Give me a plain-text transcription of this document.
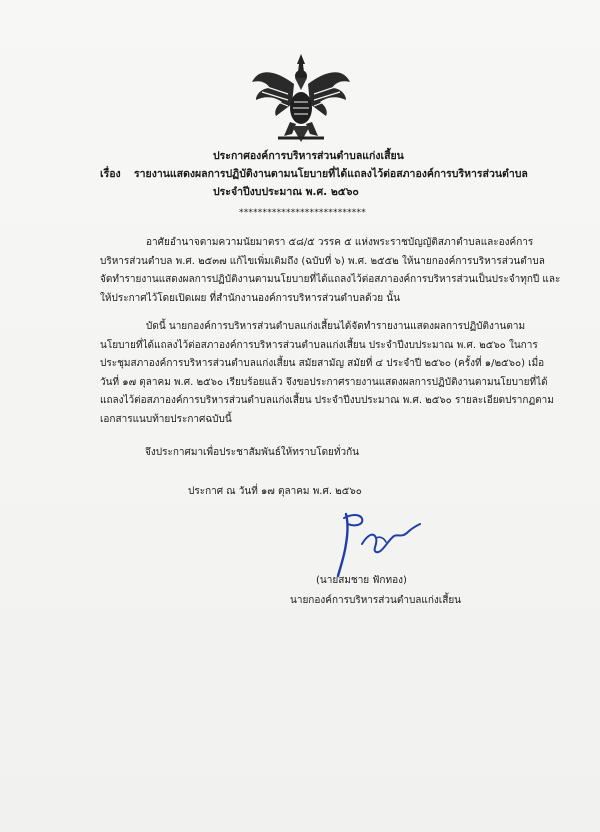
ประกาศองค์การบริหารส่วนตำบลแก่งเสี้ยน
เรื่อง รายงานแสดงผลการปฏิบัติงานตามนโยบายที่ได้แถลงไว้ต่อสภาองค์การบริหารส่วนตำบล
ประจำปีงบประมาณ พ.ศ. ๒๕๖๐
***************************
อาศัยอำนาจตามความนัยมาตรา ๕๘/๕ วรรค ๕ แห่งพระราชบัญญัติสภาตำบลและองค์การ
บริหารส่วนตำบล พ.ศ. ๒๕๓๗ แก้ไขเพิ่มเติมถึง (ฉบับที่ ๖) พ.ศ. ๒๕๕๒ ให้นายกองค์การบริหารส่วนตำบล
จัดทำรายงานแสดงผลการปฏิบัติงานตามนโยบายที่ได้แถลงไว้ต่อสภาองค์การบริหารส่วนเป็นประจำทุกปี และ
ให้ประกาศไว้โดยเปิดเผย ที่สำนักงานองค์การบริหารส่วนตำบลด้วย นั้น
บัดนี้ นายกองค์การบริหารส่วนตำบลแก่งเสี้ยนได้จัดทำรายงานแสดงผลการปฏิบัติงานตาม
นโยบายที่ได้แถลงไว้ต่อสภาองค์การบริหารส่วนตำบลแก่งเสี้ยน ประจำปีงบประมาณ พ.ศ. ๒๕๖๐ ในการ
ประชุมสภาองค์การบริหารส่วนตำบลแก่งเสี้ยน สมัยสามัญ สมัยที่ ๔ ประจำปี ๒๕๖๐ (ครั้งที่ ๑/๒๕๖๐) เมื่อ
วันที่ ๑๗ ตุลาคม พ.ศ. ๒๕๖๐ เรียบร้อยแล้ว จึงขอประกาศรายงานแสดงผลการปฏิบัติงานตามนโยบายที่ได้
แถลงไว้ต่อสภาองค์การบริหารส่วนตำบลแก่งเสี้ยน ประจำปีงบประมาณ พ.ศ. ๒๕๖๐ รายละเอียดปรากฏตาม
เอกสารแนบท้ายประกาศฉบับนี้
จึงประกาศมาเพื่อประชาสัมพันธ์ให้ทราบโดยทั่วกัน
ประกาศ ณ วันที่ ๑๗ ตุลาคม พ.ศ. ๒๕๖๐
(นายสมชาย ฟักทอง)
นายกองค์การบริหารส่วนตำบลแก่งเสี้ยน
